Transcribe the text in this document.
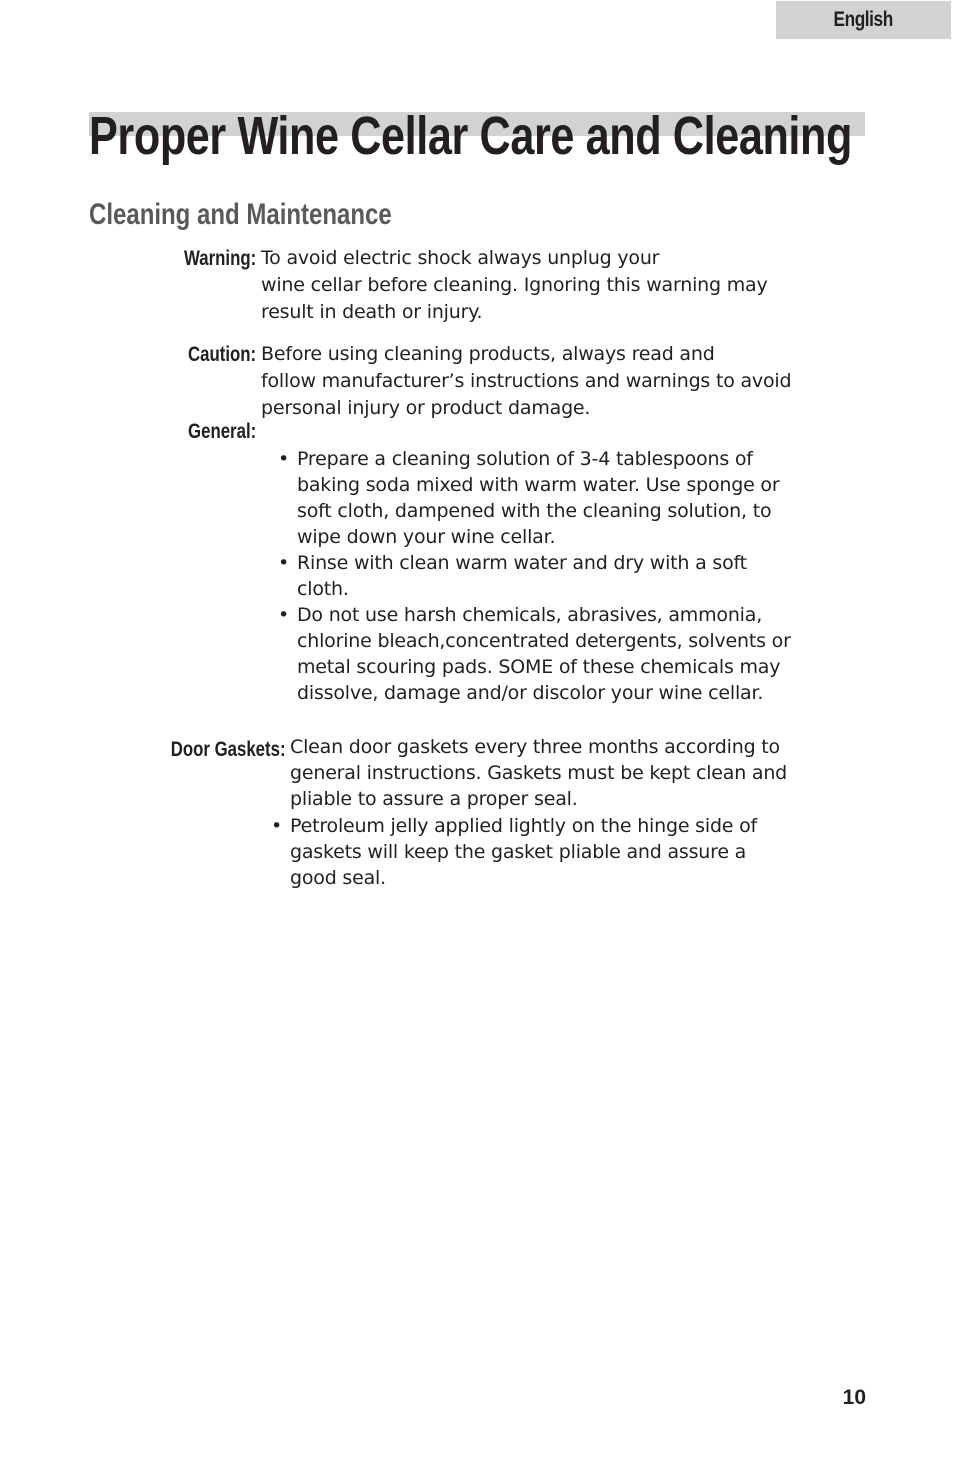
English
Proper Wine Cellar Care and Cleaning
Cleaning and Maintenance
Warning: To avoid electric shock always unplug your
wine cellar before cleaning. Ignoring this warning may
result in death or injury.

Caution: Before using cleaning products, always read and
follow manufacturer’s instructions and warnings to avoid
personal injury or product damage.

General:
• Prepare a cleaning solution of 3-4 tablespoons of baking soda mixed with warm water. Use sponge or soft cloth, dampened with the cleaning solution, to wipe down your wine cellar.
• Rinse with clean warm water and dry with a soft cloth.
• Do not use harsh chemicals, abrasives, ammonia, chlorine bleach,concentrated detergents, solvents or metal scouring pads. SOME of these chemicals may dissolve, damage and/or discolor your wine cellar.
Door Gaskets: Clean door gaskets every three months according to
general instructions. Gaskets must be kept clean and
pliable to assure a proper seal.

• Petroleum jelly applied lightly on the hinge side of gaskets will keep the gasket pliable and assure a good seal.
10
